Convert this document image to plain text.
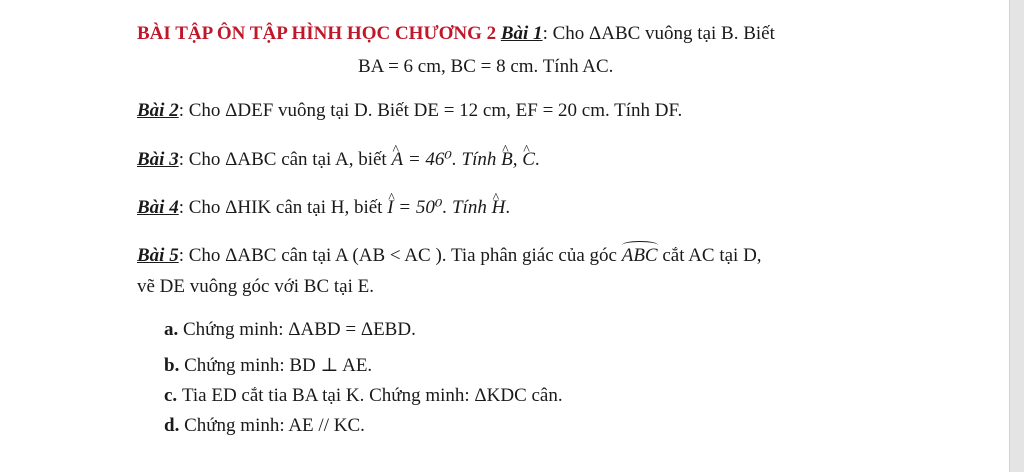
BÀI TẬP ÔN TẬP HÌNH HỌC CHƯƠNG 2 Bài 1: Cho ΔABC vuông tại B. Biết
BA = 6 cm, BC = 8 cm. Tính AC.
Bài 2: Cho ΔDEF vuông tại D. Biết DE = 12 cm, EF = 20 cm. Tính DF.
Bài 3: Cho ΔABC cân tại A, biết ^ A = 46⁰. Tính ^ B, ^ C.
Bài 4: Cho ΔHIK cân tại H, biết ^ I = 50⁰. Tính ^ H.
Bài 5: Cho ΔABC cân tại A (AB < AC ). Tia phân giác của góc ABC cắt AC tại D,
vẽ DE vuông góc với BC tại E.
a. Chứng minh: ΔABD = ΔEBD.
b. Chứng minh: BD ⊥ AE.
c. Tia ED cắt tia BA tại K. Chứng minh: ΔKDC cân.
d. Chứng minh: AE // KC.
